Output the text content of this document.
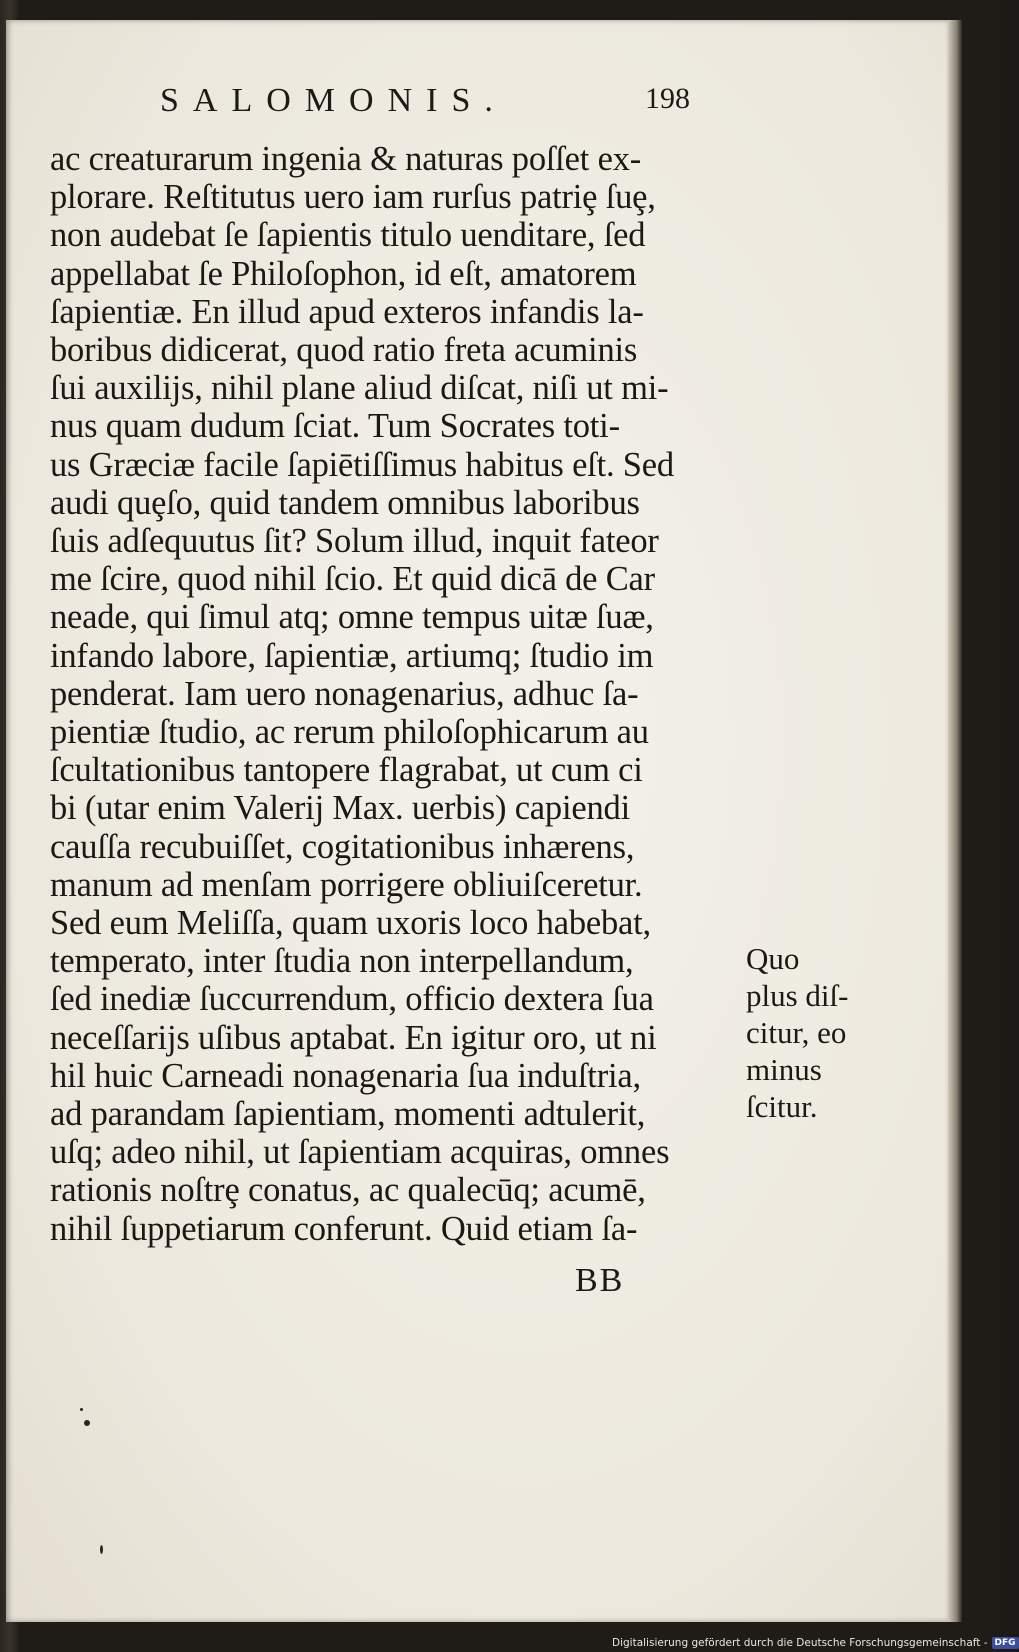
SALOMONIS.	198
ac creaturarum ingenia & naturas poſſet ex-
plorare. Reſtitutus uero iam rurſus patriȩ ſuȩ,
non audebat ſe ſapientis titulo uenditare, ſed
appellabat ſe Philoſophon, id eſt, amatorem
ſapientiæ. En illud apud exteros infandis la-
boribus didicerat, quod ratio freta acuminis
ſui auxilijs, nihil plane aliud diſcat, niſi ut mi-
nus quam dudum ſciat. Tum Socrates toti-
us Græciæ facile ſapiētiſſimus habitus eſt. Sed
audi quȩſo, quid tandem omnibus laboribus
ſuis adſequutus ſit? Solum illud, inquit fateor
me ſcire, quod nihil ſcio. Et quid dicā de Car
neade, qui ſimul atq; omne tempus uitæ ſuæ,
infando labore, ſapientiæ, artiumq; ſtudio im
penderat. Iam uero nonagenarius, adhuc ſa-
pientiæ ſtudio, ac rerum philoſophicarum au
ſcultationibus tantopere flagrabat, ut cum ci
bi (utar enim Valerij Max. uerbis) capiendi
cauſſa recubuiſſet, cogitationibus inhærens,
manum ad menſam porrigere obliuiſceretur.
Sed eum Meliſſa, quam uxoris loco habebat,
temperato, inter ſtudia non interpellandum,
ſed inediæ ſuccurrendum, officio dextera ſua
neceſſarijs uſibus aptabat. En igitur oro, ut ni
hil huic Carneadi nonagenaria ſua induſtria,
ad parandam ſapientiam, momenti adtulerit,
uſq; adeo nihil, ut ſapientiam acquiras, omnes
rationis noſtrȩ conatus, ac qualecūq; acumē,
nihil ſuppetiarum conferunt. Quid etiam ſa-
Quo
plus diſ-
citur, eo
minus
ſcitur.
BB
Digitalisierung gefördert durch die Deutsche Forschungsgemeinschaft - DFG
